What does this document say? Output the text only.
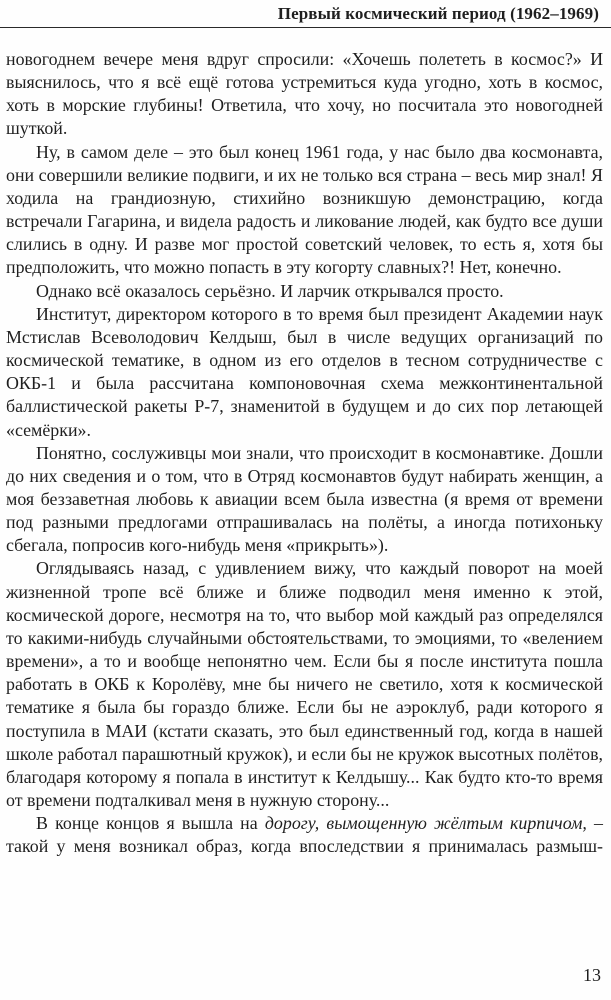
Первый космический период (1962–1969)

новогоднем вечере меня вдруг спросили: «Хочешь полететь в космос?» И выяснилось, что я всё ещё готова устремиться куда угодно, хоть в космос, хоть в морские глубины! Ответила, что хочу, но посчитала это новогодней шуткой.

Ну, в самом деле – это был конец 1961 года, у нас было два космонавта, они совершили великие подвиги, и их не только вся страна – весь мир знал! Я ходила на грандиозную, стихийно возникшую демонстрацию, когда встречали Гагарина, и видела радость и ликование людей, как будто все души слились в одну. И разве мог простой советский человек, то есть я, хотя бы предположить, что можно попасть в эту когорту славных?! Нет, конечно.

Однако всё оказалось серьёзно. И ларчик открывался просто.

Институт, директором которого в то время был президент Академии наук Мстислав Всеволодович Келдыш, был в числе ведущих организаций по космической тематике, в одном из его отделов в тесном сотрудничестве с ОКБ-1 и была рассчитана компоновочная схема межконтинентальной баллистической ракеты Р-7, знаменитой в будущем и до сих пор летающей «семёрки».

Понятно, сослуживцы мои знали, что происходит в космонавтике. Дошли до них сведения и о том, что в Отряд космонавтов будут набирать женщин, а моя беззаветная любовь к авиации всем была известна (я время от времени под разными предлогами отпрашивалась на полёты, а иногда потихоньку сбегала, попросив кого-нибудь меня «прикрыть»).

Оглядываясь назад, с удивлением вижу, что каждый поворот на моей жизненной тропе всё ближе и ближе подводил меня именно к этой, космической дороге, несмотря на то, что выбор мой каждый раз определялся то какими-нибудь случайными обстоятельствами, то эмоциями, то «велением времени», а то и вообще непонятно чем. Если бы я после института пошла работать в ОКБ к Королёву, мне бы ничего не светило, хотя к космической тематике я была бы гораздо ближе. Если бы не аэроклуб, ради которого я поступила в МАИ (кстати сказать, это был единственный год, когда в нашей школе работал парашютный кружок), и если бы не кружок высотных полётов, благодаря которому я попала в институт к Келдышу... Как будто кто-то время от времени подталкивал меня в нужную сторону...

В конце концов я вышла на дорогу, вымощенную жёлтым кирпичом, – такой у меня возникал образ, когда впоследствии я принималась размыш-

13
